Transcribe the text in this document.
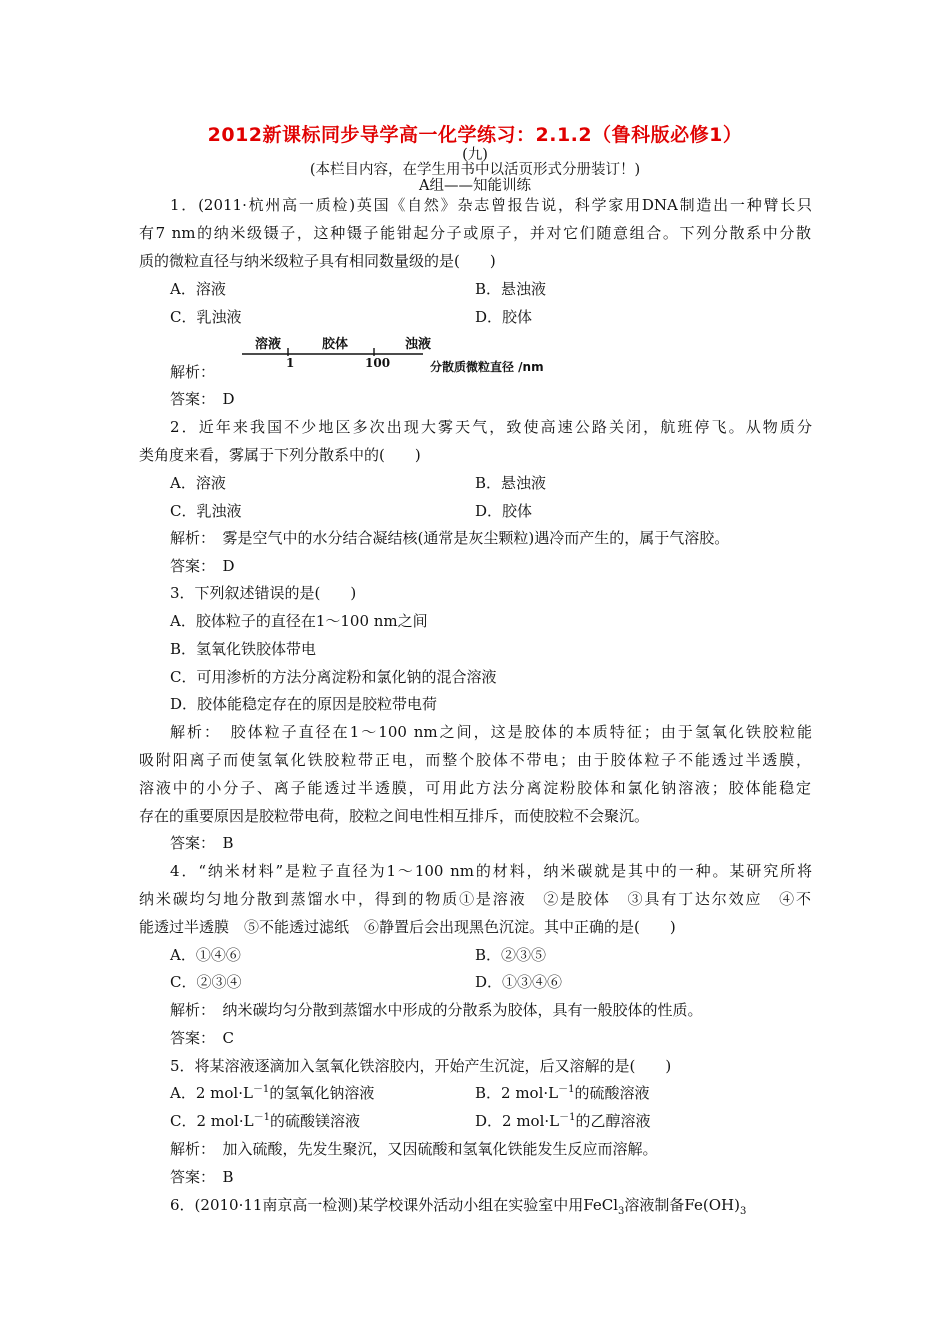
2012新课标同步导学高一化学练习：2.1.2（鲁科版必修1）
(九)
(本栏目内容，在学生用书中以活页形式分册装订！)
A组——知能训练
1．(2011·杭州高一质检)英国《自然》杂志曾报告说，科学家用DNA制造出一种臂长只
有7 nm的纳米级镊子，这种镊子能钳起分子或原子，并对它们随意组合。下列分散系中分散
质的微粒直径与纳米级粒子具有相同数量级的是(　　)
A．溶液	B．悬浊液
C．乳浊液	D．胶体
解析：
溶液	胶体	浊液
1	100	分散质微粒直径 /nm
答案：　D
2．近年来我国不少地区多次出现大雾天气，致使高速公路关闭，航班停飞。从物质分
类角度来看，雾属于下列分散系中的(　　)
A．溶液	B．悬浊液
C．乳浊液	D．胶体
解析：　雾是空气中的水分结合凝结核(通常是灰尘颗粒)遇冷而产生的，属于气溶胶。
答案：　D
3．下列叙述错误的是(　　)
A．胶体粒子的直径在1～100 nm之间
B．氢氧化铁胶体带电
C．可用渗析的方法分离淀粉和氯化钠的混合溶液
D．胶体能稳定存在的原因是胶粒带电荷
解析：　胶体粒子直径在1～100 nm之间，这是胶体的本质特征；由于氢氧化铁胶粒能
吸附阳离子而使氢氧化铁胶粒带正电，而整个胶体不带电；由于胶体粒子不能透过半透膜，
溶液中的小分子、离子能透过半透膜，可用此方法分离淀粉胶体和氯化钠溶液；胶体能稳定
存在的重要原因是胶粒带电荷，胶粒之间电性相互排斥，而使胶粒不会聚沉。
答案：　B
4．“纳米材料”是粒子直径为1～100 nm的材料，纳米碳就是其中的一种。某研究所将
纳米碳均匀地分散到蒸馏水中，得到的物质①是溶液　②是胶体　③具有丁达尔效应　④不
能透过半透膜　⑤不能透过滤纸　⑥静置后会出现黑色沉淀。其中正确的是(　　)
A．①④⑥	B．②③⑤
C．②③④	D．①③④⑥
解析：　纳米碳均匀分散到蒸馏水中形成的分散系为胶体，具有一般胶体的性质。
答案：　C
5．将某溶液逐滴加入氢氧化铁溶胶内，开始产生沉淀，后又溶解的是(　　)
A．2 $mol\cdot L^{-1}$的氢氧化钠溶液	B．2 $mol\cdot L^{-1}$的硫酸溶液
C．2 $mol\cdot L^{-1}$的硫酸镁溶液	D．2 $mol\cdot L^{-1}$的乙醇溶液
解析：　加入硫酸，先发生聚沉，又因硫酸和氢氧化铁能发生反应而溶解。
答案：　B
6．(2010·11南京高一检测)某学校课外活动小组在实验室中用FeCl$_3$溶液制备$Fe(OH)_3$
